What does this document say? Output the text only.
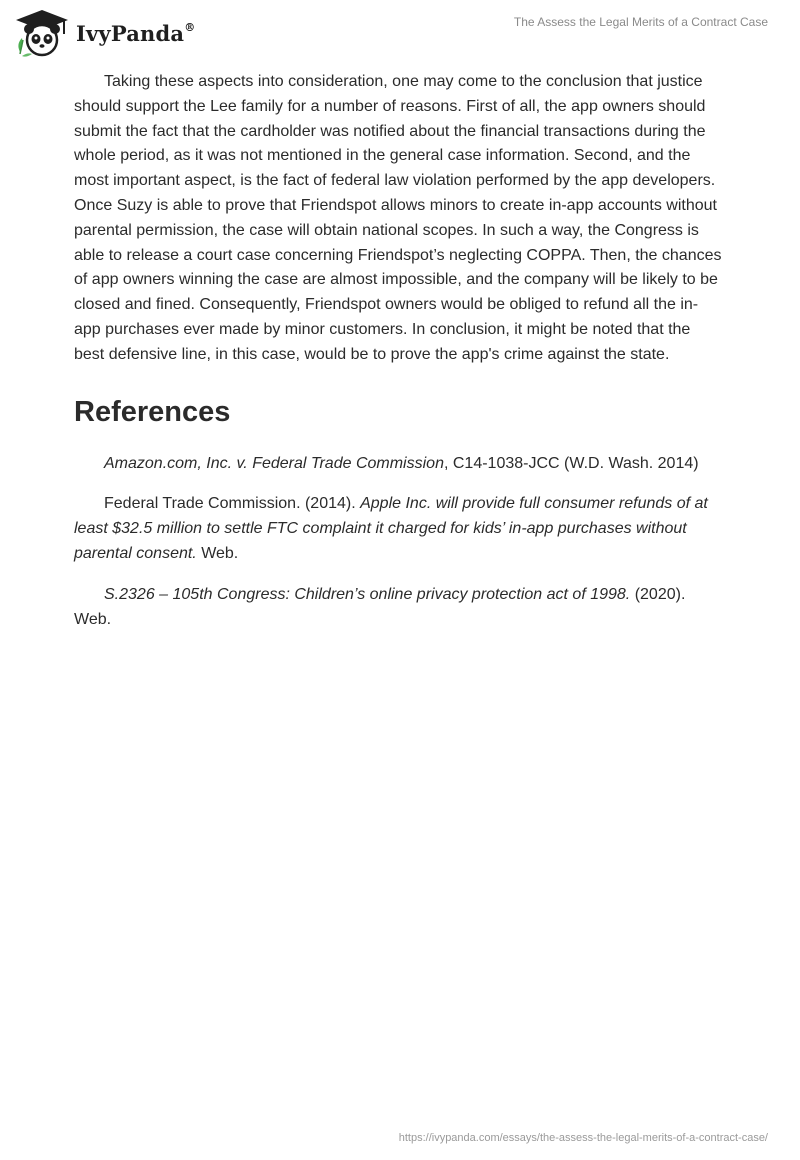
IvyPanda®	The Assess the Legal Merits of a Contract Case

Taking these aspects into consideration, one may come to the conclusion that justice should support the Lee family for a number of reasons. First of all, the app owners should submit the fact that the cardholder was notified about the financial transactions during the whole period, as it was not mentioned in the general case information. Second, and the most important aspect, is the fact of federal law violation performed by the app developers. Once Suzy is able to prove that Friendspot allows minors to create in-app accounts without parental permission, the case will obtain national scopes. In such a way, the Congress is able to release a court case concerning Friendspot’s neglecting COPPA. Then, the chances of app owners winning the case are almost impossible, and the company will be likely to be closed and fined. Consequently, Friendspot owners would be obliged to refund all the in-app purchases ever made by minor customers. In conclusion, it might be noted that the best defensive line, in this case, would be to prove the app's crime against the state.

References

Amazon.com, Inc. v. Federal Trade Commission, C14-1038-JCC (W.D. Wash. 2014)

Federal Trade Commission. (2014). Apple Inc. will provide full consumer refunds of at least $32.5 million to settle FTC complaint it charged for kids’ in-app purchases without parental consent. Web.

S.2326 – 105th Congress: Children’s online privacy protection act of 1998. (2020). Web.

https://ivypanda.com/essays/the-assess-the-legal-merits-of-a-contract-case/
